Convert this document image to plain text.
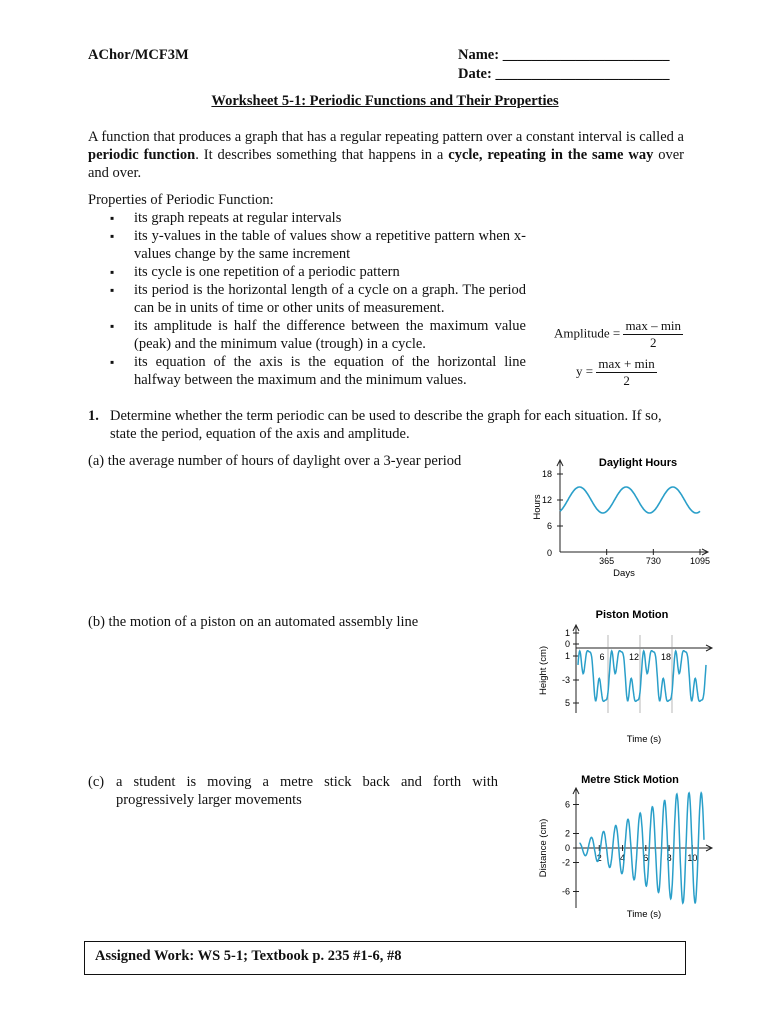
AChor/MCF3M	Name: _______________________
Date: ________________________
Worksheet 5-1: Periodic Functions and Their Properties
A function that produces a graph that has a regular repeating pattern over a constant interval is called a periodic function. It describes something that happens in a cycle, repeating in the same way over and over.
Properties of Periodic Function:
▪ its graph repeats at regular intervals
▪ its y-values in the table of values show a repetitive pattern when x-values change by the same increment
▪ its cycle is one repetition of a periodic pattern
▪ its period is the horizontal length of a cycle on a graph. The period can be in units of time or other units of measurement.
▪ its amplitude is half the difference between the maximum value (peak) and the minimum value (trough) in a cycle.
▪ its equation of the axis is the equation of the horizontal line halfway between the maximum and the minimum values.
Amplitude = $\frac{\max - \min}{2}$
$y = \frac{\max + \min}{2}$
1. Determine whether the term periodic can be used to describe the graph for each situation. If so, state the period, equation of the axis and amplitude.
(a) the average number of hours of daylight over a 3-year period
(b) the motion of a piston on an automated assembly line
(c) a student is moving a metre stick back and forth with progressively larger movements
Daylight Hours
6
12
18
0
365	730	1095
Days
Hours
Piston Motion
1
0
1
-3
5
6	12 18
Time (s)
Height (cm)
Metre Stick Motion
6
2
0
-2
-6
2 4 6 8 10
Time (s)
Distance (cm)
Assigned Work: WS 5-1; Textbook p. 235 #1-6, #8
